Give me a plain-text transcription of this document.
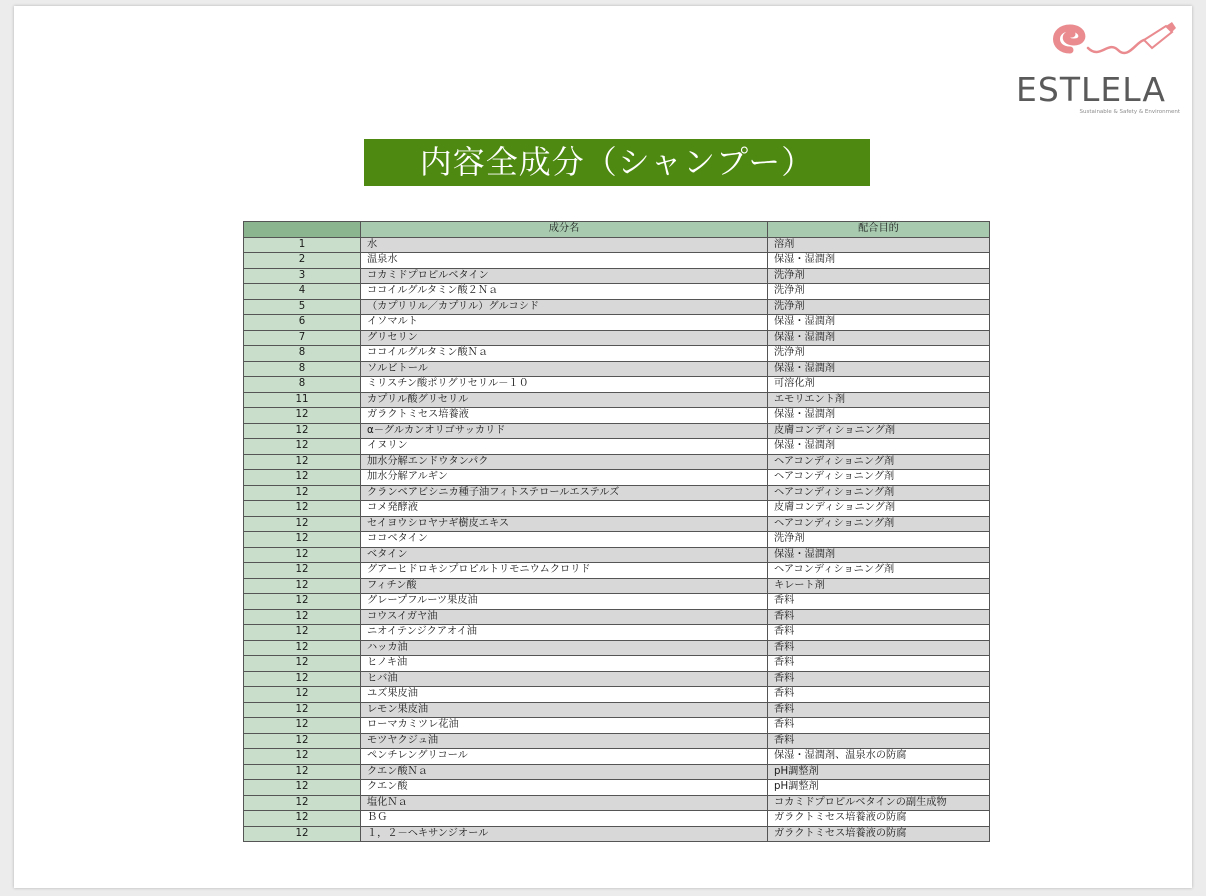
ESTLELA
Sustainable & Safety & Environment
内容全成分（シャンプー）
	成分名	配合目的
1	水	溶剤
2	温泉水	保湿・湿潤剤
3	コカミドプロピルベタイン	洗浄剤
4	ココイルグルタミン酸２Ｎａ	洗浄剤
5	（カプリリル／カプリル）グルコシド	洗浄剤
6	イソマルト	保湿・湿潤剤
7	グリセリン	保湿・湿潤剤
8	ココイルグルタミン酸Ｎａ	洗浄剤
8	ソルビトール	保湿・湿潤剤
8	ミリスチン酸ポリグリセリル－１０	可溶化剤
11	カプリル酸グリセリル	エモリエント剤
12	ガラクトミセス培養液	保湿・湿潤剤
12	α－グルカンオリゴサッカリド	皮膚コンディショニング剤
12	イヌリン	保湿・湿潤剤
12	加水分解エンドウタンパク	ヘアコンディショニング剤
12	加水分解アルギン	ヘアコンディショニング剤
12	クランベアビシニカ種子油フィトステロールエステルズ	ヘアコンディショニング剤
12	コメ発酵液	皮膚コンディショニング剤
12	セイヨウシロヤナギ樹皮エキス	ヘアコンディショニング剤
12	ココベタイン	洗浄剤
12	ベタイン	保湿・湿潤剤
12	グアーヒドロキシプロピルトリモニウムクロリド	ヘアコンディショニング剤
12	フィチン酸	キレート剤
12	グレープフルーツ果皮油	香料
12	コウスイガヤ油	香料
12	ニオイテンジクアオイ油	香料
12	ハッカ油	香料
12	ヒノキ油	香料
12	ヒバ油	香料
12	ユズ果皮油	香料
12	レモン果皮油	香料
12	ローマカミツレ花油	香料
12	モツヤクジュ油	香料
12	ペンチレングリコール	保湿・湿潤剤、温泉水の防腐
12	クエン酸Ｎａ	pH調整剤
12	クエン酸	pH調整剤
12	塩化Ｎａ	コカミドプロピルベタインの副生成物
12	ＢＧ	ガラクトミセス培養液の防腐
12	１，２－ヘキサンジオール	ガラクトミセス培養液の防腐
